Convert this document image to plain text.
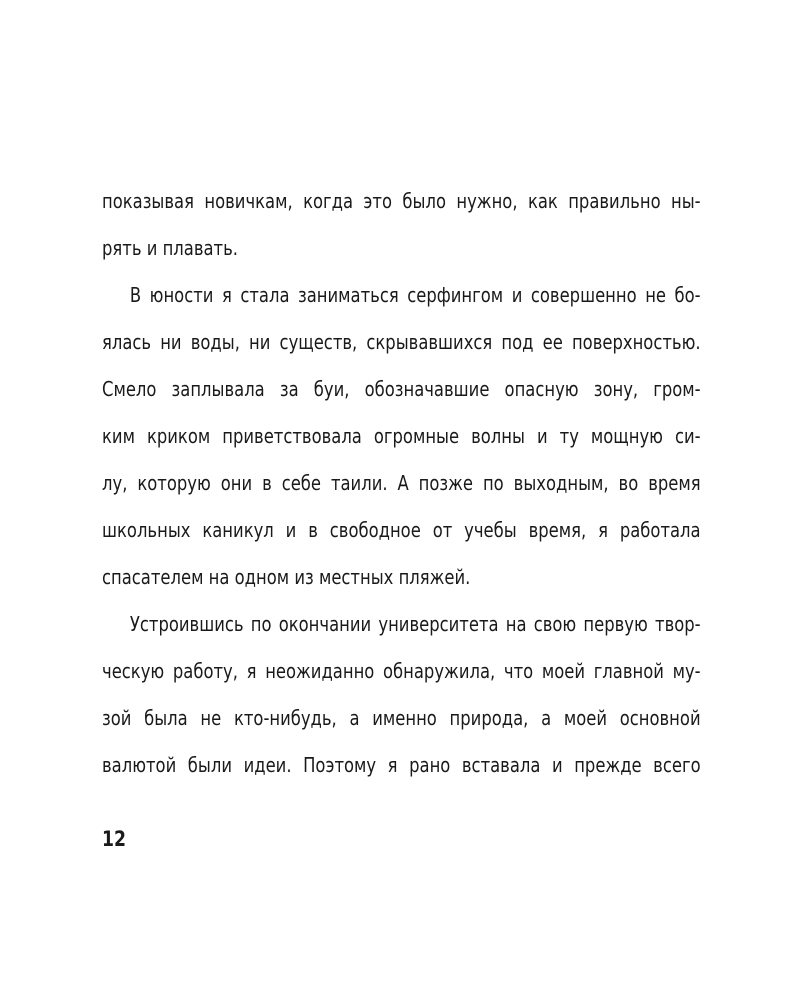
показывая новичкам, когда это было нужно, как правильно ны-
рять и плавать.
В юности я стала заниматься серфингом и совершенно не бо-
ялась ни воды, ни существ, скрывавшихся под ее поверхностью.
Смело заплывала за буи, обозначавшие опасную зону, гром-
ким криком приветствовала огромные волны и ту мощную си-
лу, которую они в себе таили. А позже по выходным, во время
школьных каникул и в свободное от учебы время, я работала
спасателем на одном из местных пляжей.
Устроившись по окончании университета на свою первую твор-
ческую работу, я неожиданно обнаружила, что моей главной му-
зой была не кто-нибудь, а именно природа, а моей основной
валютой были идеи. Поэтому я рано вставала и прежде всего
12
